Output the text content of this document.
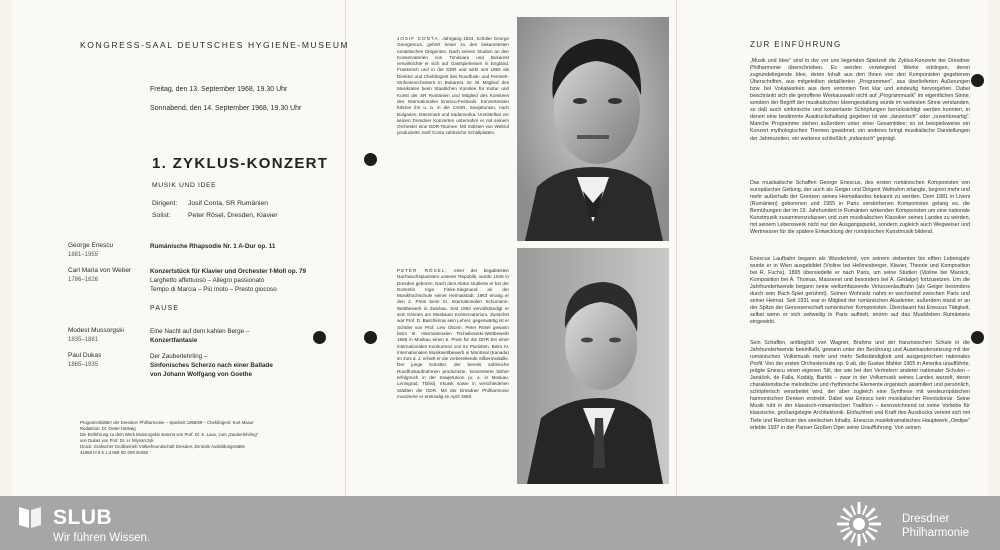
KONGRESS-SAAL DEUTSCHES HYGIENE-MUSEUM
Freitag, den 13. September 1968, 19.30 Uhr
Sonnabend, den 14. September 1968, 19.30 Uhr
1. ZYKLUS-KONZERT
MUSIK UND IDEE
Dirigent: Josif Conta, SR Rumänien
Solist:	Peter Rösel, Dresden, Klavier
George Enescu
1881–1955
Rumänische Rhapsodie Nr. 1 A-Dur op. 11
Carl Maria von Weber
1786–1826
Konzertstück für Klavier und Orchester f-Moll op. 79
Larghetto affettuoso – Allegro passionato
Tempo di Marcia – Più moto – Presto giocoso
PAUSE
Modest Mussorgski
1835–1881
Eine Nacht auf dem kahlen Berge –
Konzertfantasie
Paul Dukas
1865–1935
Der Zauberlehrling –
Sinfonisches Scherzo nach einer Ballade
von Johann Wolfgang von Goethe
Programmblätter der Dresdner Philharmonie – Spielzeit 1968/69 – Chefdirigent: Kurt Masur
Redaktion: Dr. Dieter Härtwig
Die Einführung zu dem Werk Mussorgskis stammt von Prof. Dr. K. Laux, zum „Zauberlehrling"
von Dukas von Prof. Dr. H. Mlynarczyk
Druck: Grafischer Großbetrieb Völkerfreundschaft Dresden, Zentrale Ausbildungsstätte
41869 III 9 5 1,3 868 ItG 009 /64/68
JOSIF CONTA, Jahrgang 1924, Schüler George Georgescus, gehört heute zu den bekanntesten rumänischen Dirigenten. Nach seinen Studien an den Konservatorien von Timisoara und Bukarest verwirklichte er sich auf Gastspielreisen in England, Frankreich und in der DDR und wirkt seit 1955 als Direktor und Chefdirigent des Rundfunk- und Fernseh-Sinfonieorchesters in Bukarest. Er ist Mitglied des Musikrates beim Staatlichen Komitee für Kultur und Kunst der SR Rumänien und Mitglied des Komitees des Internationalen Enescu-Festivals. Konzertreisen führten ihn u. a. in die CSSR, Sowjetunion, nach Bulgarien, Dänemark und Südamerika. Unmittelbar vor seinen Dresdner Konzerten unternahm er mit seinem Orchester eine DDR-Tournee. Mit Solisten von Weltruf produzierte Josif Conta zahlreiche Schallplatten.
PETER RÖSEL, einer der begabtesten Nachwuchspianisten unserer Republik, wurde 1945 in Dresden geboren. Nach dem Abitur studierte er bei der Dozentin Inge Finke-Siegmund an der Musikhochschule seiner Heimatstadt. 1963 errang er den 2. Preis beim III. Internationalen Schumann-Wettbewerb in Zwickau. Seit 1964 vervollständigt er sein Können am Moskauer Konservatorium. Zunächst war Prof. D. Baschkirow sein Lehrer, gegenwärtig ist er Schüler von Prof. Lew Oborin. Peter Rösel gewann beim III. Internationalen Tschaikowski-Wettbewerb 1966 in Moskau einen 6. Preis für die DDR bei einer internationalen Konkurrenz von 61 Pianisten. Beim IV. Internationalen Musikwettbewerb in Montreal (Kanada) im Juni d. J. erhielt er die vorbereitende Silbermedaille. Der junge Künstler, der bereits zahlreiche Rundfunkaufnahmen produzierte, konzertierte bisher erfolgreich in der Sowjetunion (u. a. in Moskau, Leningrad, Tbilisi), Irkutsk sowie in verschiedenen Städten der DDR. Mit der Dresdner Philharmonie musizierte er erstmalig im April 1968.
ZUR EINFÜHRUNG
„Musik und Idee" sind in der vor uns liegenden Spielzeit die Zyklus-Konzerte der Dresdner Philharmonie überschrieben. Es werden vorwiegend Werke erklingen, deren zugrundeliegende Idee, deren Inhalt aus den Ihnen von den Komponisten gegebenen Überschriften, aus mitgeteilten detaillierten „Programmen", aus überlieferten Äußerungen bzw. bei Vokalwerken aus dem vertonten Text klar und eindeutig hervorgehen. Dabei beschränkt sich die getroffene Werkauswahl nicht auf „Programmusik" im eigentlichen Sinne, sondern der Begriff der musikalischen Ideengestaltung wurde im weitesten Sinne verstanden, so daß auch sinfonische und konzertante Schöpfungen berücksichtigt werden konnten, in denen eine bestimmte Ausdruckshaltung gegeben ist wie „tänzerisch" oder „ouvertüreartig". Manche Programme stehen außerdem unter einer Gesamtidee; so ist beispielsweise ein Konzert mythologischen Themen gewidmet, ein anderes bringt musikalische Darstellungen der Jahreszeiten, ein weiteres schließlich „indianisch" geprägt.
Das musikalische Schaffen George Enescus, des ersten rumänischen Komponisten von europäischer Geltung, der auch als Geiger und Dirigent Weltruhm erlangte, beginnt mehr und mehr außerhalb der Grenzen seines Heimatlandes bekannt zu werden. Dem 1881 in Liveni (Rumänien) geborenen und 1955 in Paris verstorbenen Komponisten gelang es, die Bemühungen der im 19. Jahrhundert in Rumänien wirkenden Komponisten um eine nationale Kunstmusik zusammenzufassen und zum musikalischen Klassiker seines Landes zu werden, mit seinem Lebenswerk nicht nur der Ausgangspunkt, sondern zugleich auch Wegweiser und Wertmesser für die spätere Entwicklung der rumänischen Kunstmusik bildend.
Enescus Laufbahn begann als Wunderkind, von seinem siebenten bis elften Lebensjahr wurde er in Wien ausgebildet (Violine bei Hellmesberger, Klavier, Theorie und Komposition bei R. Fuchs). 1895 übersiedelte er nach Paris, um seine Studien (Violine bei Marsick, Komposition bei A. Thomas, Massenet und besonders bei A. Gédalge) fortzusetzen. Um die Jahrhundertwende begann seine weltumfassende Virtuosenlaufbahn (als Geiger besonders durch sein Bach-Spiel gerühmt). Seinen Wohnsitz nahm er wechselnd zwischen Paris und seiner Heimat. Seit 1931 war er Mitglied der rumänischen Akademie; außerdem stand er an der Spitze der Genossenschaft rumänischer Komponisten. Überdauert hat Enescus Tätigkeit, selbst wenn er sich zeitweilig in Paris aufhielt, enorm auf das Musikleben Rumäniens eingewirkt.
Sein Schaffen, anfänglich von Wagner, Brahms und der französischen Schule in die Jahrhundertwende beeinflußt, gewann unter der Berührung und Auseinandersetzung mit der rumänischen Volksmusik mehr und mehr Selbständigkeit und ausgesprochen nationales Profil. Von der ersten Orchestersuite op. 9 ab, die Gustav Mahler 1905 in Amerika uraufführte, prägte Enescu einen eigenen Stil, der wie bei den Vertretern anderer nationaler Schulen – Janáček, de Falla, Kodály, Bartók – zwar in der Volksmusik seines Landes wurzelt, deren charakteristische melodische und rhythmische Elemente organisch assimiliert und persönlich, schöpferisch verarbeitet wird, der aber zugleich eine Synthese mit westeuropäischen harmonischen Denken erstrebt. Dabei war Enescu kein musikalischer Revolutionär. Seine Musik ruht in der klassisch-romantischen Tradition – kennzeichnend ist seine Vorliebe für klassische, großangelegte Architektonik. Einfachheit und Kraft des Ausdrucks vereint sich mit Tiefe und Reichtum des seelischen Inhalts. Enescus musikdramatisches Hauptwerk „Oedipe" erlebte 1937 in der Pariser Großen Oper seine Uraufführung. Von seinen
SLUB
Wir führen Wissen.
Dresdner
Philharmonie
